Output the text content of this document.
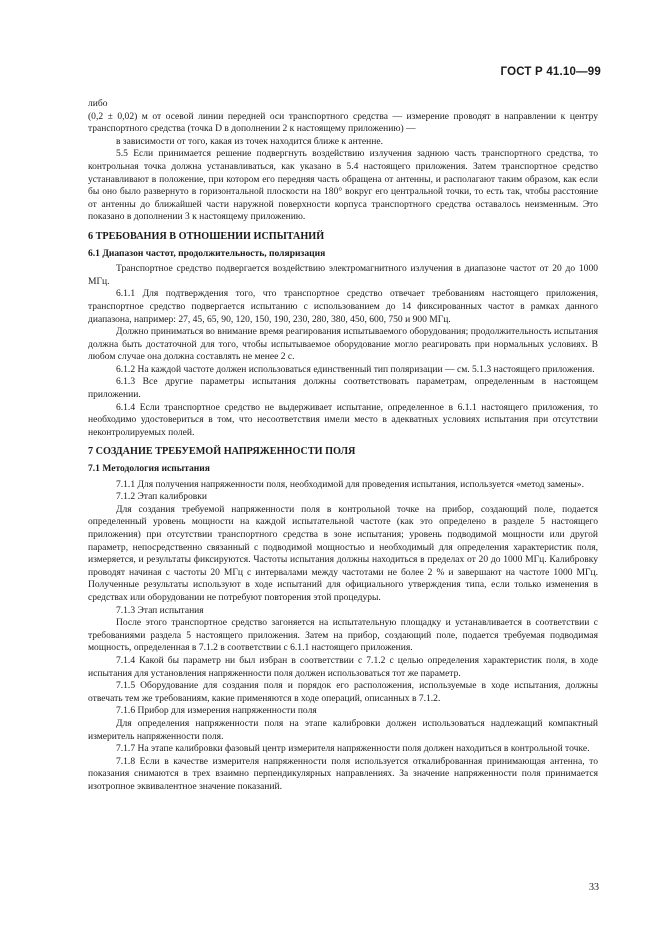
ГОСТ Р 41.10—99

либо

(0,2 ± 0,02) м от осевой линии передней оси транспортного средства — измерение проводят в направлении к центру транспортного средства (точка D в дополнении 2 к настоящему приложению) —

в зависимости от того, какая из точек находится ближе к антенне.

5.5 Если принимается решение подвергнуть воздействию излучения заднюю часть транспортного средства, то контрольная точка должна устанавливаться, как указано в 5.4 настоящего приложения. Затем транспортное средство устанавливают в положение, при котором его передняя часть обращена от антенны, и располагают таким образом, как если бы оно было развернуто в горизонтальной плоскости на 180° вокруг его центральной точки, то есть так, чтобы расстояние от антенны до ближайшей части наружной поверхности корпуса транспортного средства оставалось неизменным. Это показано в дополнении 3 к настоящему приложению.

6 ТРЕБОВАНИЯ В ОТНОШЕНИИ ИСПЫТАНИЙ

6.1 Диапазон частот, продолжительность, поляризация

Транспортное средство подвергается воздействию электромагнитного излучения в диапазоне частот от 20 до 1000 МГц.

6.1.1 Для подтверждения того, что транспортное средство отвечает требованиям настоящего приложения, транспортное средство подвергается испытанию с использованием до 14 фиксированных частот в рамках данного диапазона, например: 27, 45, 65, 90, 120, 150, 190, 230, 280, 380, 450, 600, 750 и 900 МГц.

Должно приниматься во внимание время реагирования испытываемого оборудования; продолжительность испытания должна быть достаточной для того, чтобы испытываемое оборудование могло реагировать при нормальных условиях. В любом случае она должна составлять не менее 2 с.

6.1.2 На каждой частоте должен использоваться единственный тип поляризации — см. 5.1.3 настоящего приложения.

6.1.3 Все другие параметры испытания должны соответствовать параметрам, определенным в настоящем приложении.

6.1.4 Если транспортное средство не выдерживает испытание, определенное в 6.1.1 настоящего приложения, то необходимо удостовериться в том, что несоответствия имели место в адекватных условиях испытания при отсутствии неконтролируемых полей.

7 СОЗДАНИЕ ТРЕБУЕМОЙ НАПРЯЖЕННОСТИ ПОЛЯ

7.1 Методология испытания

7.1.1 Для получения напряженности поля, необходимой для проведения испытания, используется «метод замены».

7.1.2 Этап калибровки

Для создания требуемой напряженности поля в контрольной точке на прибор, создающий поле, подается определенный уровень мощности на каждой испытательной частоте (как это определено в разделе 5 настоящего приложения) при отсутствии транспортного средства в зоне испытания; уровень подводимой мощности или другой параметр, непосредственно связанный с подводимой мощностью и необходимый для определения характеристик поля, измеряется, и результаты фиксируются. Частоты испытания должны находиться в пределах от 20 до 1000 МГц. Калибровку проводят начиная с частоты 20 МГц с интервалами между частотами не более 2 % и завершают на частоте 1000 МГц. Полученные результаты используют в ходе испытаний для официального утверждения типа, если только изменения в средствах или оборудовании не потребуют повторения этой процедуры.

7.1.3 Этап испытания

После этого транспортное средство загоняется на испытательную площадку и устанавливается в соответствии с требованиями раздела 5 настоящего приложения. Затем на прибор, создающий поле, подается требуемая подводимая мощность, определенная в 7.1.2 в соответствии с 6.1.1 настоящего приложения.

7.1.4 Какой бы параметр ни был избран в соответствии с 7.1.2 с целью определения характеристик поля, в ходе испытания для установления напряженности поля должен использоваться тот же параметр.

7.1.5 Оборудование для создания поля и порядок его расположения, используемые в ходе испытания, должны отвечать тем же требованиям, какие применяются в ходе операций, описанных в 7.1.2.

7.1.6 Прибор для измерения напряженности поля

Для определения напряженности поля на этапе калибровки должен использоваться надлежащий компактный измеритель напряженности поля.

7.1.7 На этапе калибровки фазовый центр измерителя напряженности поля должен находиться в контрольной точке.

7.1.8 Если в качестве измерителя напряженности поля используется откалиброванная принимающая антенна, то показания снимаются в трех взаимно перпендикулярных направлениях. За значение напряженности поля принимается изотропное эквивалентное значение показаний.

33
